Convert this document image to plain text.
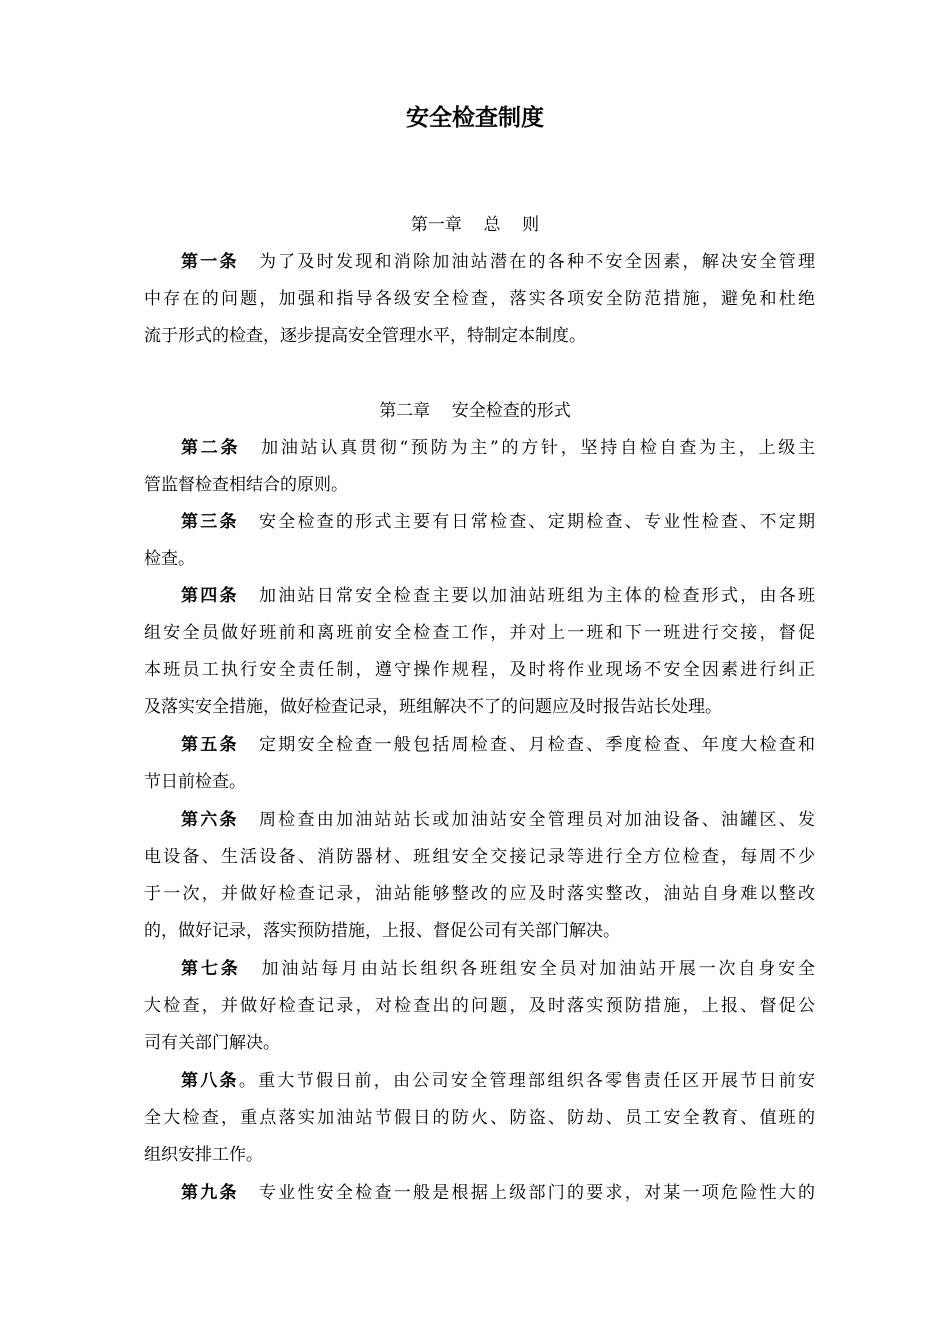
安全检查制度
第一章    总    则
第一条 为了及时发现和消除加油站潜在的各种不安全因素，解决安全管理
中存在的问题，加强和指导各级安全检查，落实各项安全防范措施，避免和杜绝
流于形式的检查，逐步提高安全管理水平，特制定本制度。
第二章    安全检查的形式
第二条 加油站认真贯彻“预防为主”的方针，坚持自检自查为主，上级主
管监督检查相结合的原则。
第三条 安全检查的形式主要有日常检查、定期检查、专业性检查、不定期
检查。
第四条 加油站日常安全检查主要以加油站班组为主体的检查形式，由各班
组安全员做好班前和离班前安全检查工作，并对上一班和下一班进行交接，督促
本班员工执行安全责任制，遵守操作规程，及时将作业现场不安全因素进行纠正
及落实安全措施，做好检查记录，班组解决不了的问题应及时报告站长处理。
第五条 定期安全检查一般包括周检查、月检查、季度检查、年度大检查和
节日前检查。
第六条 周检查由加油站站长或加油站安全管理员对加油设备、油罐区、发
电设备、生活设备、消防器材、班组安全交接记录等进行全方位检查，每周不少
于一次，并做好检查记录，油站能够整改的应及时落实整改，油站自身难以整改
的，做好记录，落实预防措施，上报、督促公司有关部门解决。
第七条 加油站每月由站长组织各班组安全员对加油站开展一次自身安全
大检查，并做好检查记录，对检查出的问题，及时落实预防措施，上报、督促公
司有关部门解决。
第八条。重大节假日前，由公司安全管理部组织各零售责任区开展节日前安
全大检查，重点落实加油站节假日的防火、防盗、防劫、员工安全教育、值班的
组织安排工作。
第九条 专业性安全检查一般是根据上级部门的要求，对某一项危险性大的
